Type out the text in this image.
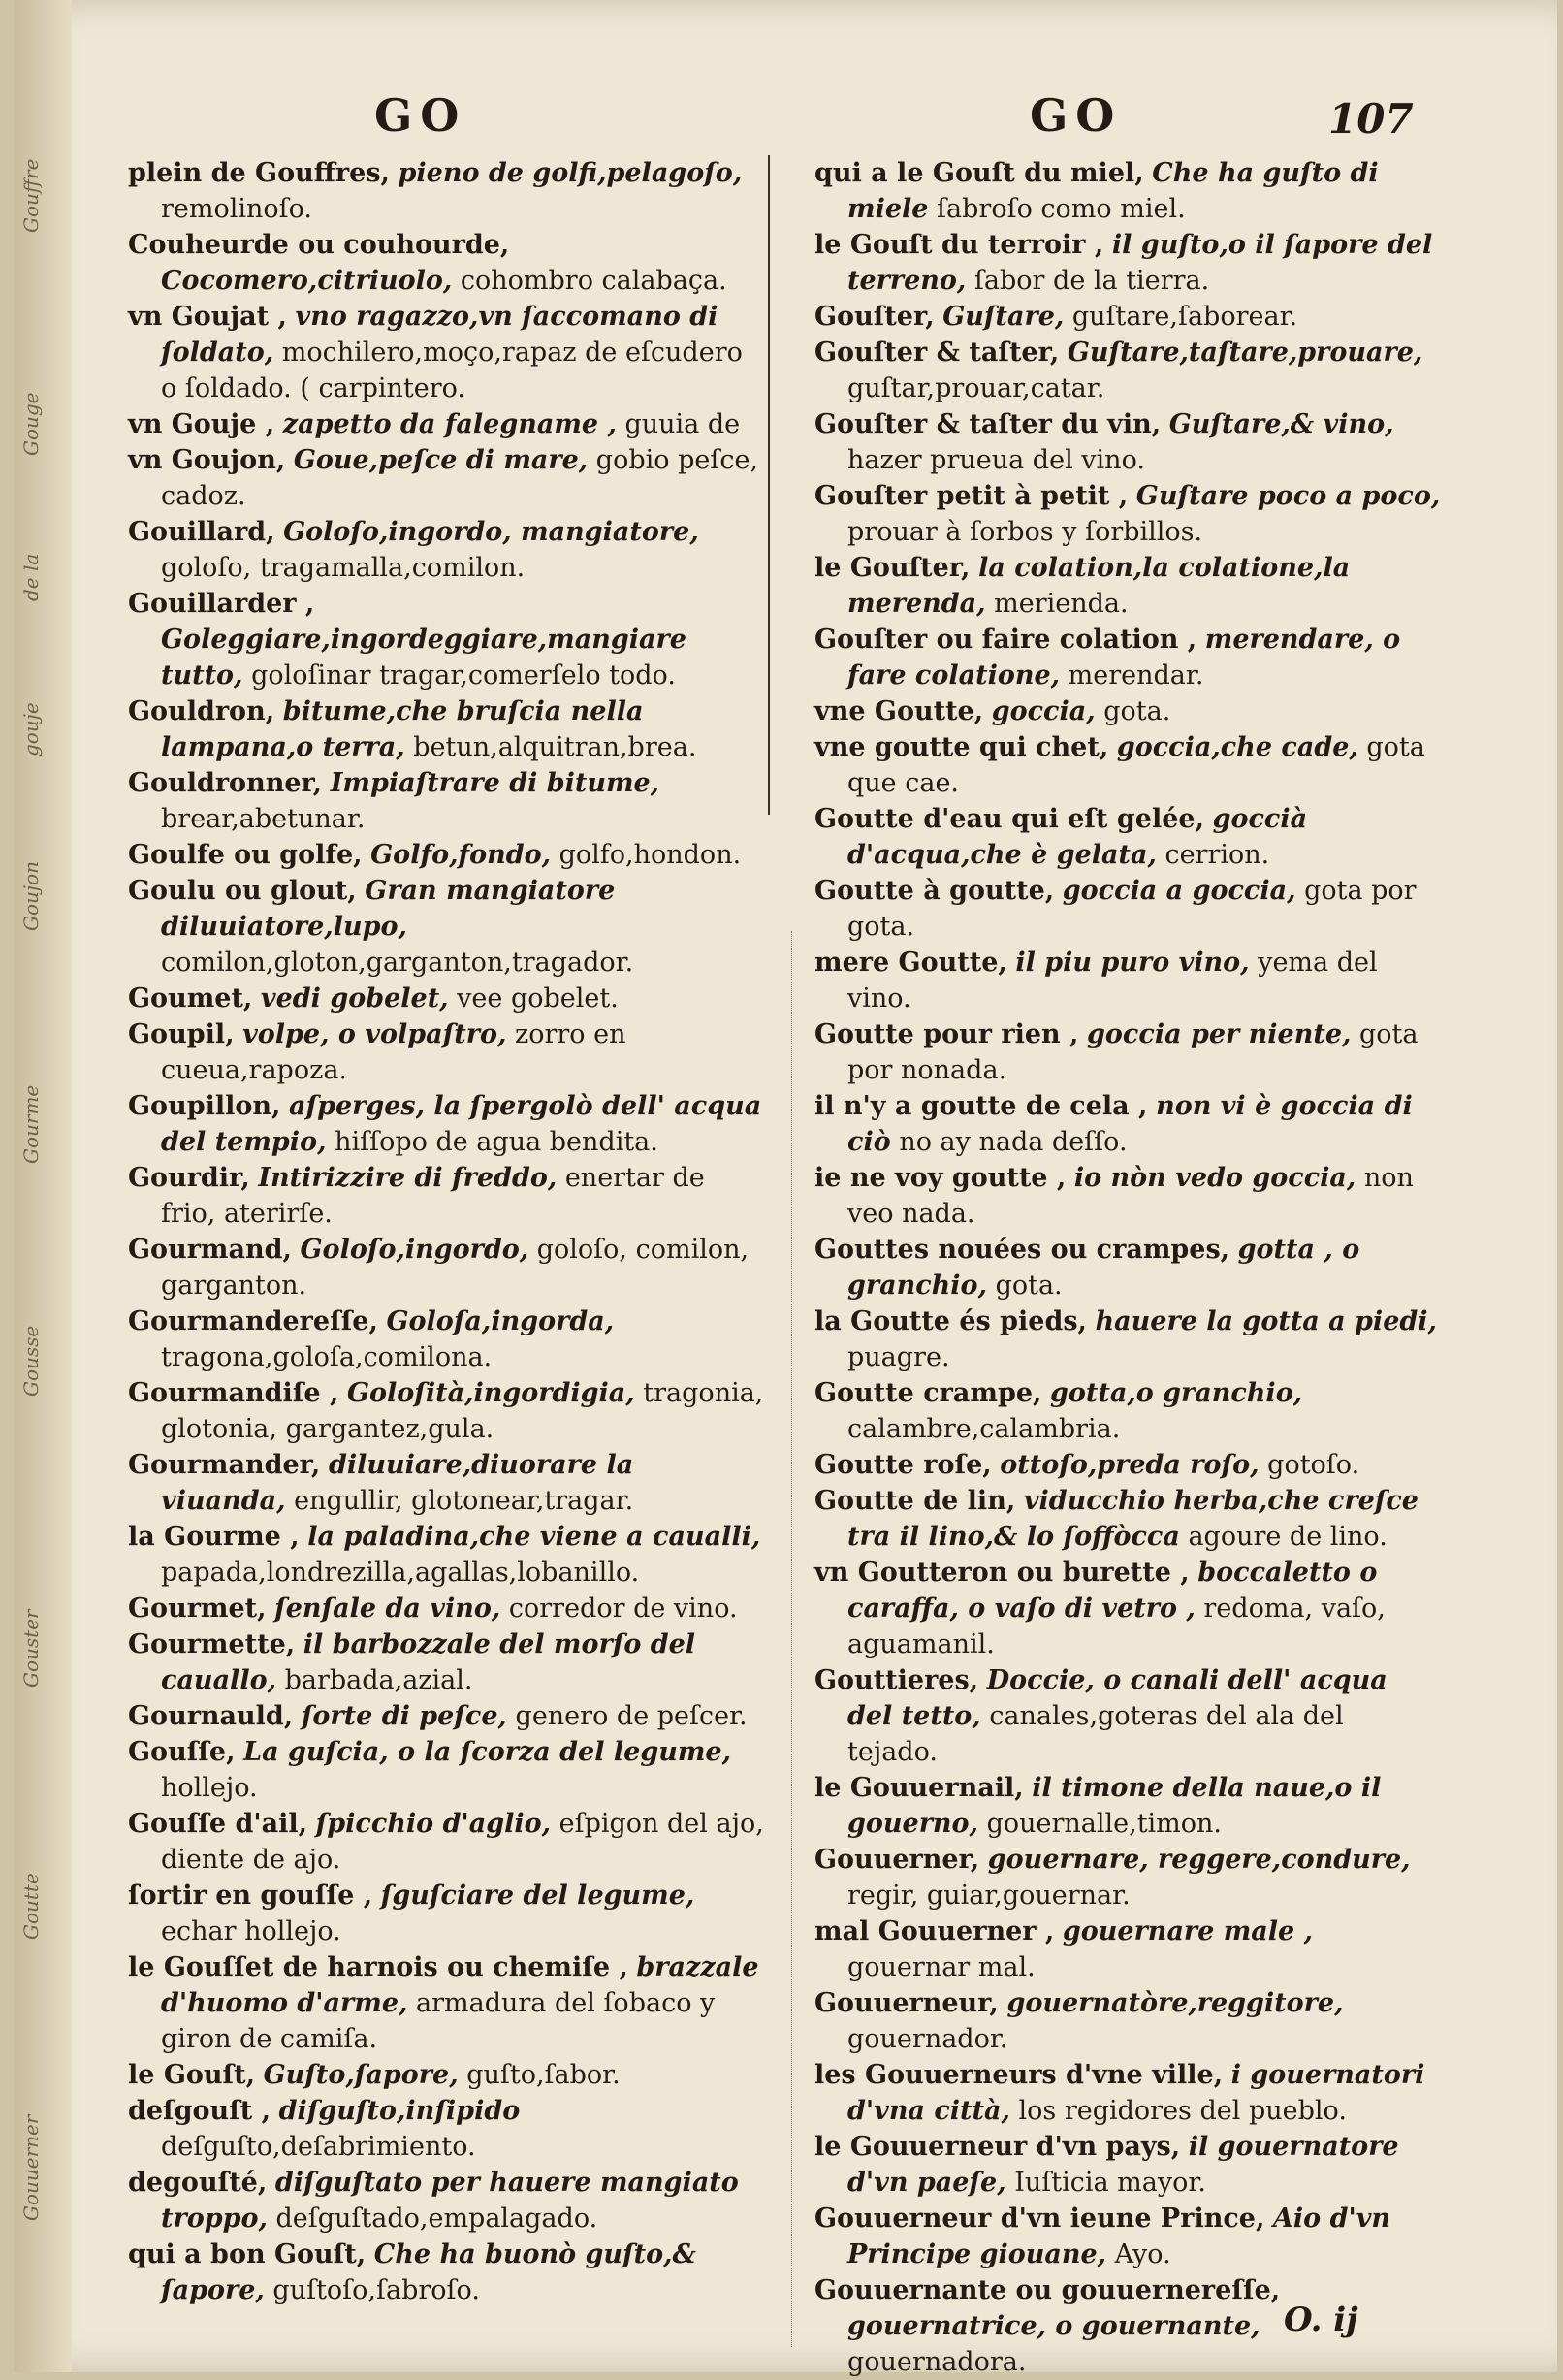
Gouffre
Gouge
de la
gouje
Goujon
Gourme
Gousse
Gouster
Goutte
Gouuerner
GO	GO	107
plein de Gouffres, pieno de golfi,pelagoſo, remolinoſo.
Couheurde ou couhourde, Cocomero,citriuolo, cohombro calabaça.
vn Goujat , vno ragazzo,vn ſaccomano di ſoldato, mochilero,moço,rapaz de eſcudero o ſoldado. ( carpintero.
vn Gouje , zapetto da falegname , guuia de
vn Goujon, Goue,peſce di mare, gobio peſce, cadoz.
Gouillard, Goloſo,ingordo, mangiatore, goloſo, tragamalla,comilon.
Gouillarder , Goleggiare,ingordeggiare,mangiare tutto, goloſinar tragar,comerſelo todo.
Gouldron, bitume,che bruſcia nella lampana,o terra, betun,alquitran,brea.
Gouldronner, Impiaſtrare di bitume, brear,abetunar.
Goulfe ou golfe, Golfo,fondo, golfo,hondon.
Goulu ou glout, Gran mangiatore diluuiatore,lupo, comilon,gloton,garganton,tragador.
Goumet, vedi gobelet, vee gobelet.
Goupil, volpe, o volpaſtro, zorro en cueua,rapoza.
Goupillon, aſperges, la ſpergolò dell' acqua del tempio, hiſſopo de agua bendita.
Gourdir, Intirizzire di freddo, enertar de frio, aterirſe.
Gourmand, Goloſo,ingordo, goloſo, comilon, garganton.
Gourmandereſſe, Goloſa,ingorda, tragona,goloſa,comilona.
Gourmandiſe , Goloſità,ingordigia, tragonia, glotonia, gargantez,gula.
Gourmander, diluuiare,diuorare la viuanda, engullir, glotonear,tragar.
la Gourme , la paladina,che viene a caualli, papada,londrezilla,agallas,lobanillo.
Gourmet, ſenſale da vino, corredor de vino.
Gourmette, il barbozzale del morſo del cauallo, barbada,azial.
Gournauld, ſorte di peſce, genero de peſcer.
Gouſſe, La guſcia, o la ſcorza del legume, hollejo.
Gouſſe d'ail, ſpicchio d'aglio, eſpigon del ajo, diente de ajo.
ſortir en gouſſe , ſguſciare del legume, echar hollejo.
le Gouſſet de harnois ou chemiſe , brazzale d'huomo d'arme, armadura del ſobaco y giron de camiſa.
le Gouſt, Guſto,ſapore, guſto,ſabor.
deſgouſt , diſguſto,inſipido deſguſto,deſabrimiento.
degouſté, diſguſtato per hauere mangiato troppo, deſguſtado,empalagado.
qui a bon Gouſt, Che ha buonò guſto,& ſapore, guſtoſo,ſabroſo.
qui a le Gouſt du miel, Che ha guſto di miele ſabroſo como miel.
le Gouſt du terroir , il guſto,o il ſapore del terreno, ſabor de la tierra.
Gouſter, Guſtare, guſtare,ſaborear.
Gouſter & taſter, Guſtare,taſtare,prouare, guſtar,prouar,catar.
Gouſter & taſter du vin, Guſtare,& vino, hazer prueua del vino.
Gouſter petit à petit , Guſtare poco a poco, prouar à ſorbos y ſorbillos.
le Gouſter, la colation,la colatione,la merenda, merienda.
Gouſter ou faire colation , merendare, o fare colatione, merendar.
vne Goutte, goccia, gota.
vne goutte qui chet, goccia,che cade, gota que cae.
Goutte d'eau qui eſt gelée, goccià d'acqua,che è gelata, cerrion.
Goutte à goutte, goccia a goccia, gota por gota.
mere Goutte, il piu puro vino, yema del vino.
Goutte pour rien , goccia per niente, gota por nonada.
il n'y a goutte de cela , non vi è goccia di ciò no ay nada deſſo.
ie ne voy goutte , io nòn vedo goccia, non veo nada.
Gouttes nouées ou crampes, gotta , o granchio, gota.
la Goutte és pieds, hauere la gotta a piedi, puagre.
Goutte crampe, gotta,o granchio, calambre,calambria.
Goutte roſe, ottoſo,preda roſo, gotoſo.
Goutte de lin, viducchio herba,che creſce tra il lino,& lo ſoffòcca agoure de lino.
vn Goutteron ou burette , boccaletto o caraffa, o vaſo di vetro , redoma, vaſo, aguamanil.
Gouttieres, Doccie, o canali dell' acqua del tetto, canales,goteras del ala del tejado.
le Gouuernail, il timone della naue,o il gouerno, gouernalle,timon.
Gouuerner, gouernare, reggere,condure, regir, guiar,gouernar.
mal Gouuerner , gouernare male , gouernar mal.
Gouuerneur, gouernatòre,reggitore, gouernador.
les Gouuerneurs d'vne ville, i gouernatori d'vna città, los regidores del pueblo.
le Gouuerneur d'vn pays, il gouernatore d'vn paeſe, Iuſticia mayor.
Gouuerneur d'vn ieune Prince, Aio d'vn Principe giouane, Ayo.
Gouuernante ou gouuernereſſe, gouernatrice, o gouernante, gouernadora.
O. ij
